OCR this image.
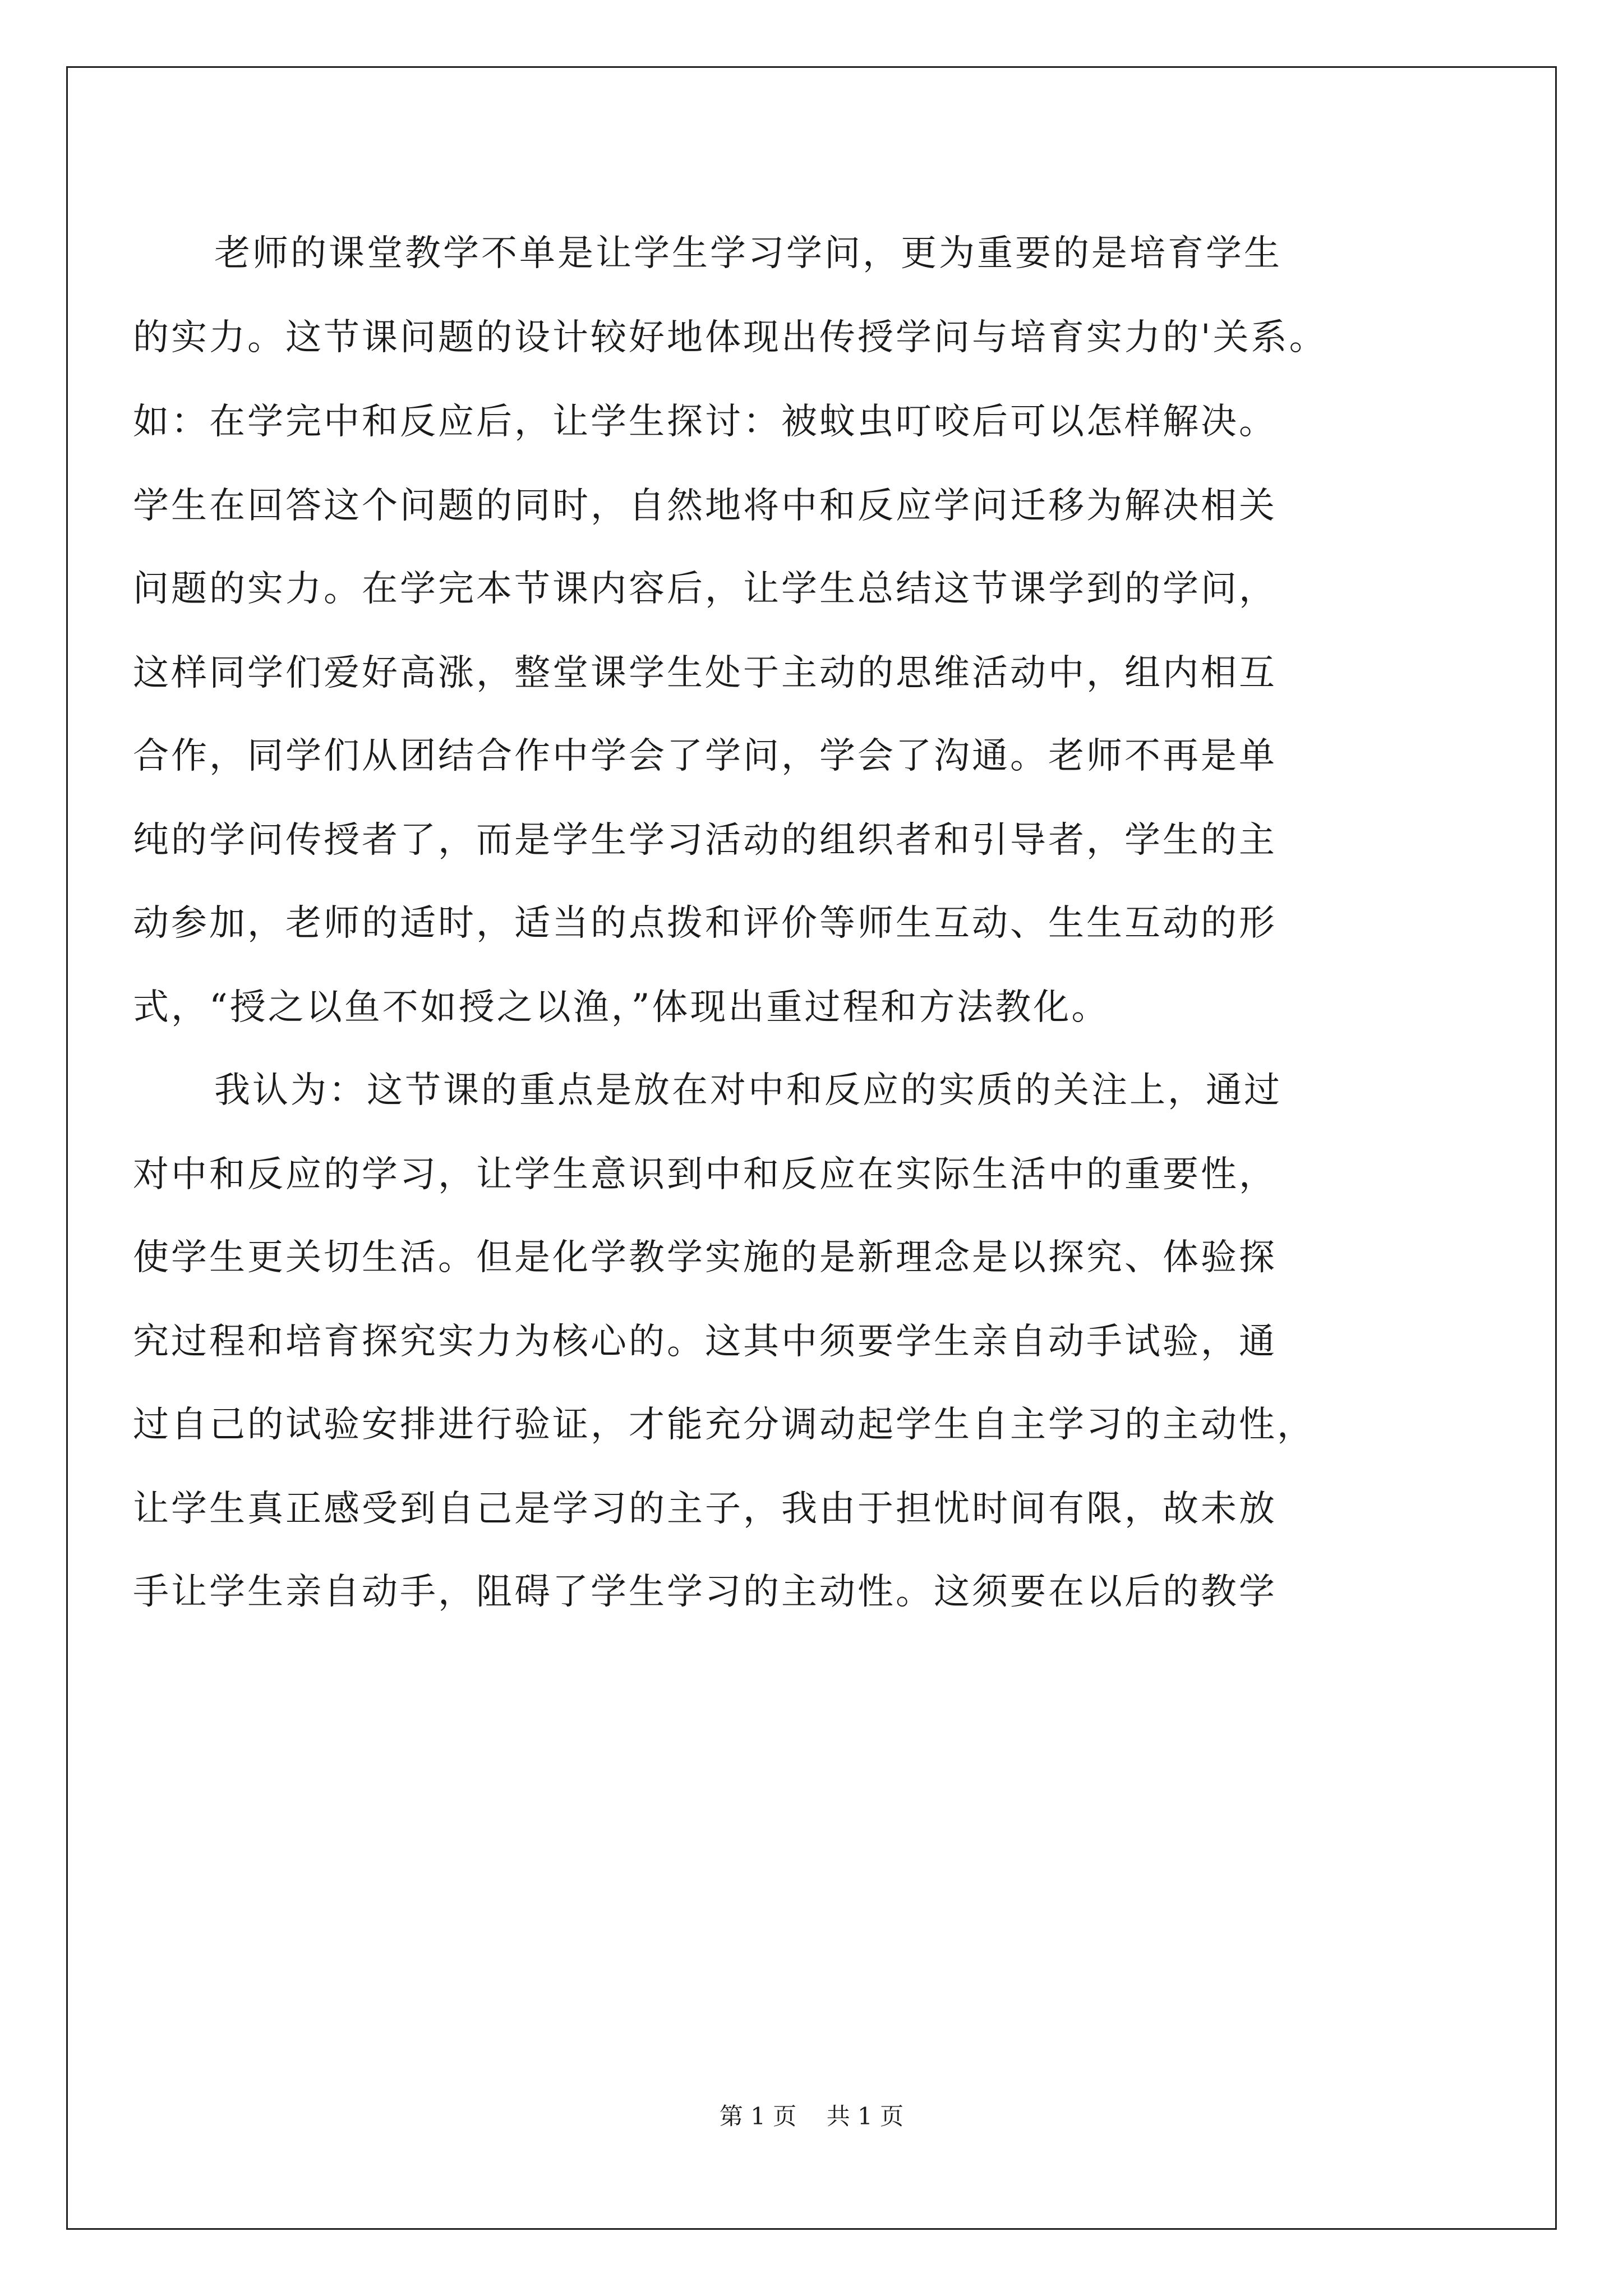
老师的课堂教学不单是让学生学习学问，更为重要的是培育学生

的实力。这节课问题的设计较好地体现出传授学问与培育实力的'关系。

如：在学完中和反应后，让学生探讨：被蚊虫叮咬后可以怎样解决。

学生在回答这个问题的同时，自然地将中和反应学问迁移为解决相关

问题的实力。在学完本节课内容后，让学生总结这节课学到的学问，

这样同学们爱好高涨，整堂课学生处于主动的思维活动中，组内相互

合作，同学们从团结合作中学会了学问，学会了沟通。老师不再是单

纯的学问传授者了，而是学生学习活动的组织者和引导者，学生的主

动参加，老师的适时，适当的点拨和评价等师生互动、生生互动的形

式，“授之以鱼不如授之以渔，”体现出重过程和方法教化。

我认为：这节课的重点是放在对中和反应的实质的关注上，通过

对中和反应的学习，让学生意识到中和反应在实际生活中的重要性，

使学生更关切生活。但是化学教学实施的是新理念是以探究、体验探

究过程和培育探究实力为核心的。这其中须要学生亲自动手试验，通

过自己的试验安排进行验证，才能充分调动起学生自主学习的主动性，

让学生真正感受到自己是学习的主子，我由于担忧时间有限，故未放

手让学生亲自动手，阻碍了学生学习的主动性。这须要在以后的教学

第 1 页    共 1 页
